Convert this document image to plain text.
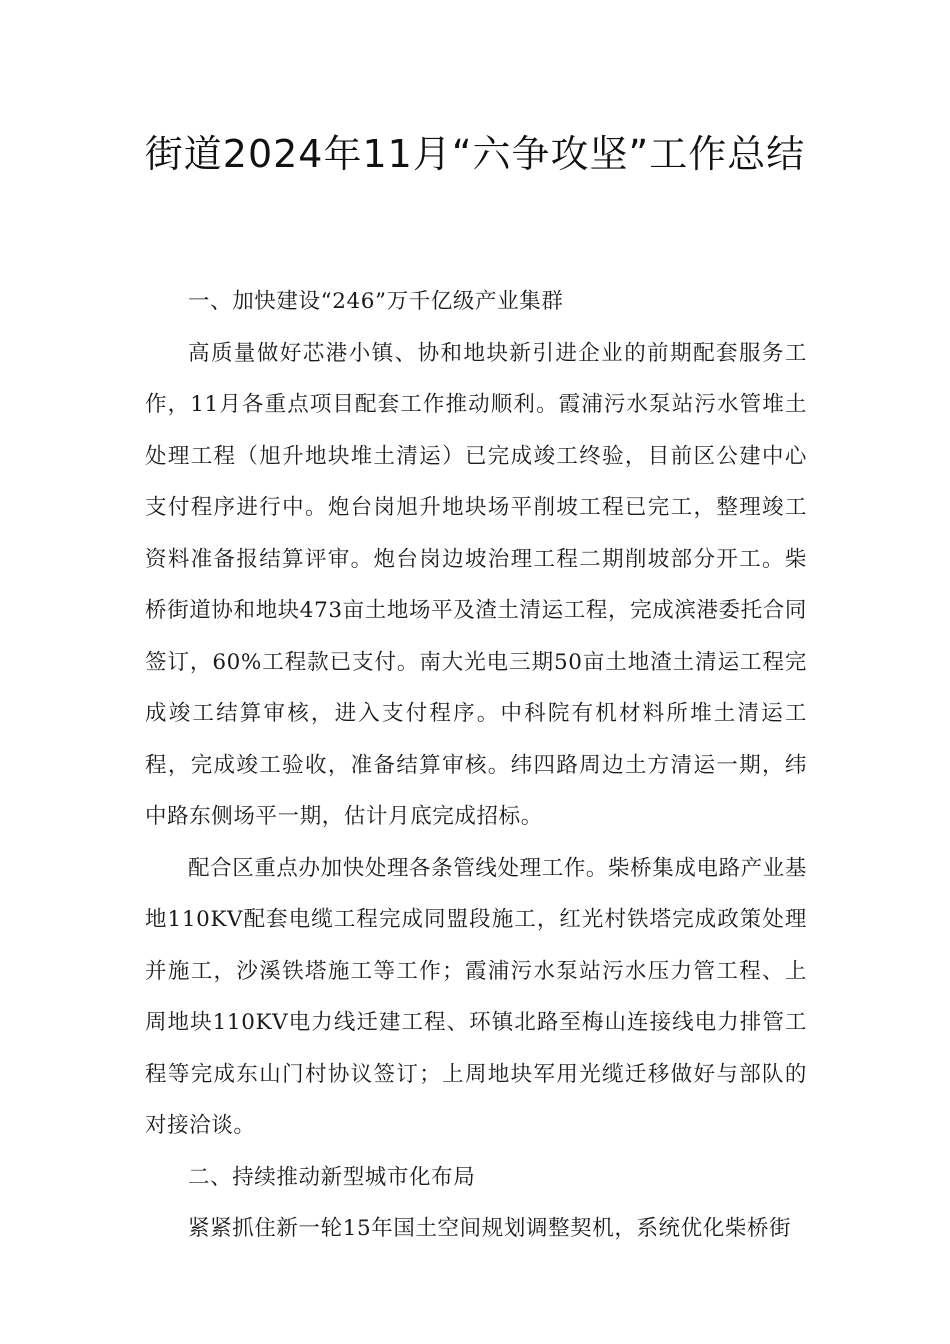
街道2024年11月“六争攻坚”工作总结

一、加快建设“246”万千亿级产业集群

高质量做好芯港小镇、协和地块新引进企业的前期配套服务工作，11月各重点项目配套工作推动顺利。霞浦污水泵站污水管堆土处理工程（旭升地块堆土清运）已完成竣工终验，目前区公建中心支付程序进行中。炮台岗旭升地块场平削坡工程已完工，整理竣工资料准备报结算评审。炮台岗边坡治理工程二期削坡部分开工。柴桥街道协和地块473亩土地场平及渣土清运工程，完成滨港委托合同签订，60%工程款已支付。南大光电三期50亩土地渣土清运工程完成竣工结算审核，进入支付程序。中科院有机材料所堆土清运工程，完成竣工验收，准备结算审核。纬四路周边土方清运一期，纬中路东侧场平一期，估计月底完成招标。

配合区重点办加快处理各条管线处理工作。柴桥集成电路产业基地110KV配套电缆工程完成同盟段施工，红光村铁塔完成政策处理并施工，沙溪铁塔施工等工作；霞浦污水泵站污水压力管工程、上周地块110KV电力线迁建工程、环镇北路至梅山连接线电力排管工程等完成东山门村协议签订；上周地块军用光缆迁移做好与部队的对接洽谈。

二、持续推动新型城市化布局

紧紧抓住新一轮15年国土空间规划调整契机，系统优化柴桥街
